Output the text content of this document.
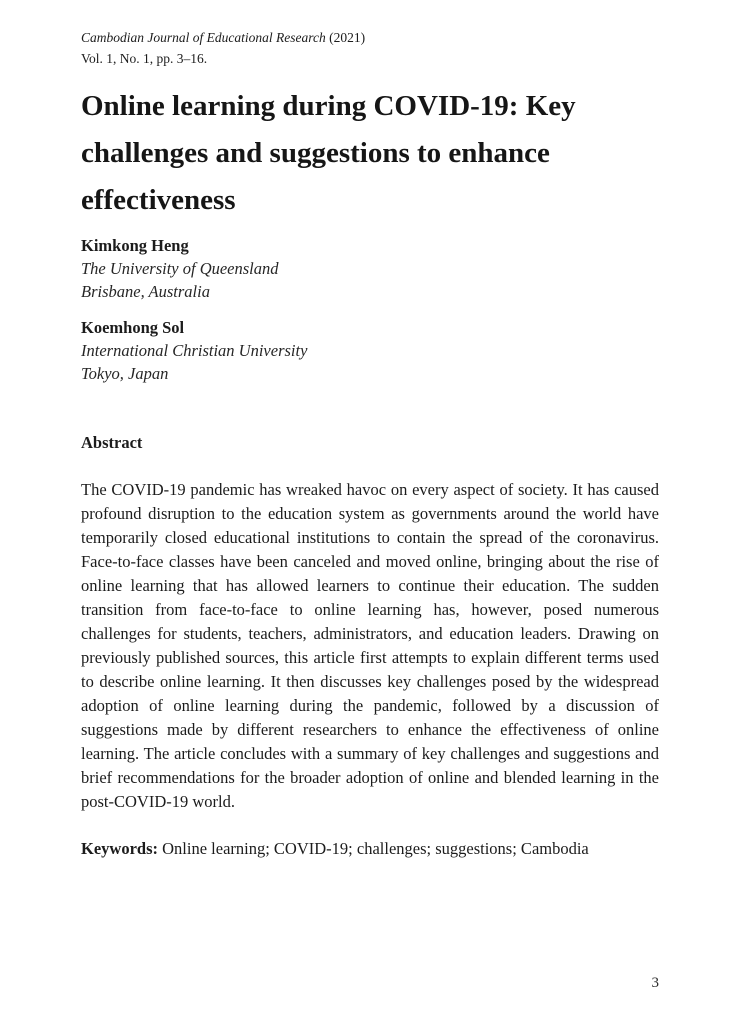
Cambodian Journal of Educational Research (2021)

Vol. 1, No. 1, pp. 3–16.

Online learning during COVID-19: Key challenges and suggestions to enhance effectiveness

Kimkong Heng

The University of Queensland

Brisbane, Australia

Koemhong Sol

International Christian University

Tokyo, Japan

Abstract

The COVID-19 pandemic has wreaked havoc on every aspect of society. It has caused profound disruption to the education system as governments around the world have temporarily closed educational institutions to contain the spread of the coronavirus. Face-to-face classes have been canceled and moved online, bringing about the rise of online learning that has allowed learners to continue their education. The sudden transition from face-to-face to online learning has, however, posed numerous challenges for students, teachers, administrators, and education leaders. Drawing on previously published sources, this article first attempts to explain different terms used to describe online learning. It then discusses key challenges posed by the widespread adoption of online learning during the pandemic, followed by a discussion of suggestions made by different researchers to enhance the effectiveness of online learning. The article concludes with a summary of key challenges and suggestions and brief recommendations for the broader adoption of online and blended learning in the post-COVID-19 world.

Keywords: Online learning; COVID-19; challenges; suggestions; Cambodia

3
